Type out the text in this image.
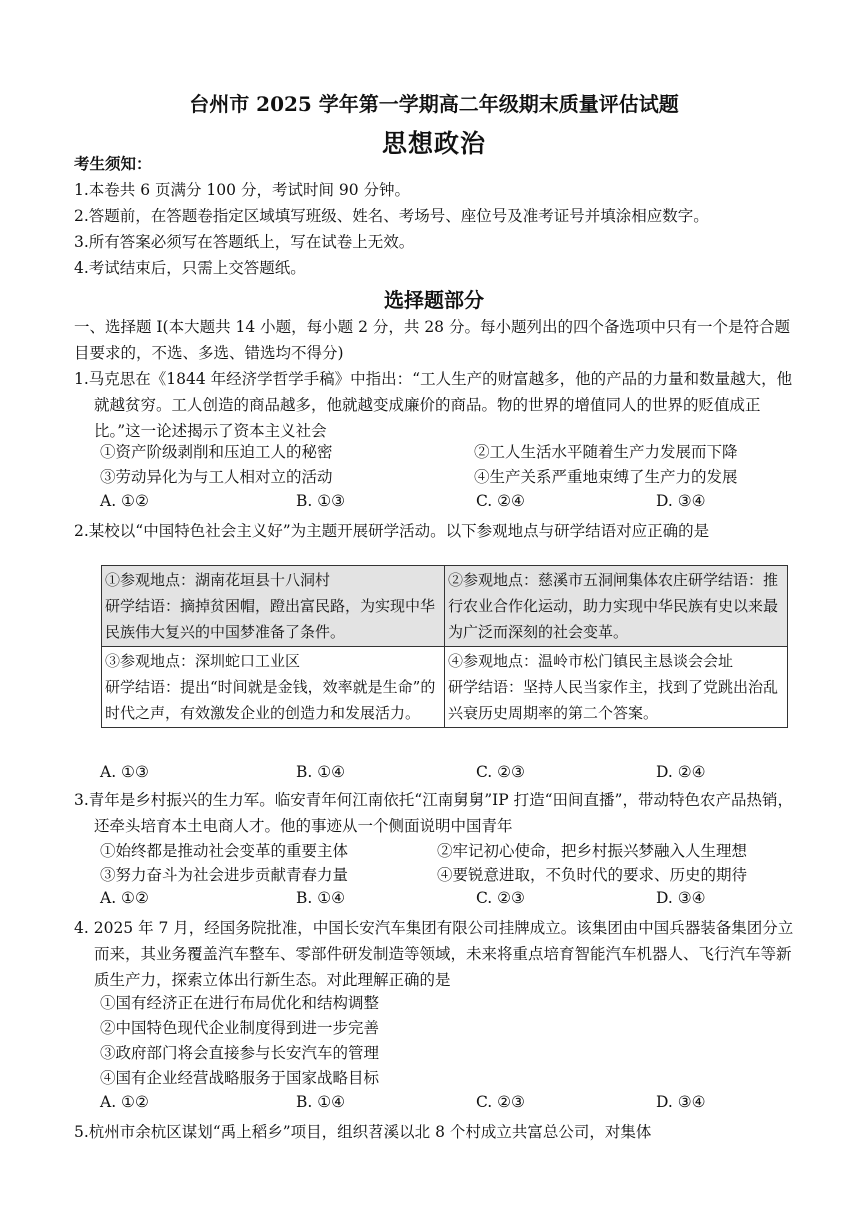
台州市 2025 学年第一学期高二年级期末质量评估试题
思想政治
考生须知：
1.本卷共 6 页满分 100 分，考试时间 90 分钟。
2.答题前，在答题卷指定区域填写班级、姓名、考场号、座位号及准考证号并填涂相应数字。
3.所有答案必须写在答题纸上，写在试卷上无效。
4.考试结束后，只需上交答题纸。
选择题部分
一、选择题 Ⅰ(本大题共 14 小题，每小题 2 分，共 28 分。每小题列出的四个备选项中只有一个是符合题目要求的，不选、多选、错选均不得分)
1.马克思在《1844 年经济学哲学手稿》中指出：“工人生产的财富越多，他的产品的力量和数量越大，他就越贫穷。工人创造的商品越多，他就越变成廉价的商品。物的世界的增值同人的世界的贬值成正比。”这一论述揭示了资本主义社会
①资产阶级剥削和压迫工人的秘密	②工人生活水平随着生产力发展而下降
③劳动异化为与工人相对立的活动	④生产关系严重地束缚了生产力的发展
A. ①②	B. ①③	C. ②④	D. ③④
2.某校以“中国特色社会主义好”为主题开展研学活动。以下参观地点与研学结语对应正确的是
①参观地点：湖南花垣县十八洞村
研学结语：摘掉贫困帽，蹬出富民路，为实现中华民族伟大复兴的中国梦准备了条件。	②参观地点：慈溪市五洞闸集体农庄研学结语：推行农业合作化运动，助力实现中华民族有史以来最为广泛而深刻的社会变革。
③参观地点：深圳蛇口工业区
研学结语：提出“时间就是金钱，效率就是生命”的时代之声，有效激发企业的创造力和发展活力。	④参观地点：温岭市松门镇民主恳谈会会址
研学结语：坚持人民当家作主，找到了党跳出治乱兴衰历史周期率的第二个答案。
A. ①③	B. ①④	C. ②③	D. ②④
3.青年是乡村振兴的生力军。临安青年何江南依托“江南舅舅”IP 打造“田间直播”，带动特色农产品热销，还牵头培育本土电商人才。他的事迹从一个侧面说明中国青年
①始终都是推动社会变革的重要主体	②牢记初心使命，把乡村振兴梦融入人生理想
③努力奋斗为社会进步贡献青春力量	④要锐意进取，不负时代的要求、历史的期待
A. ①②	B. ①④	C. ②③	D. ③④
4. 2025 年 7 月，经国务院批准，中国长安汽车集团有限公司挂牌成立。该集团由中国兵器装备集团分立而来，其业务覆盖汽车整车、零部件研发制造等领域，未来将重点培育智能汽车机器人、飞行汽车等新质生产力，探索立体出行新生态。对此理解正确的是
①国有经济正在进行布局优化和结构调整
②中国特色现代企业制度得到进一步完善
③政府部门将会直接参与长安汽车的管理
④国有企业经营战略服务于国家战略目标
A. ①②	B. ①④	C. ②③	D. ③④
5.杭州市余杭区谋划“禹上稻乡”项目，组织苕溪以北 8 个村成立共富总公司，对集体
